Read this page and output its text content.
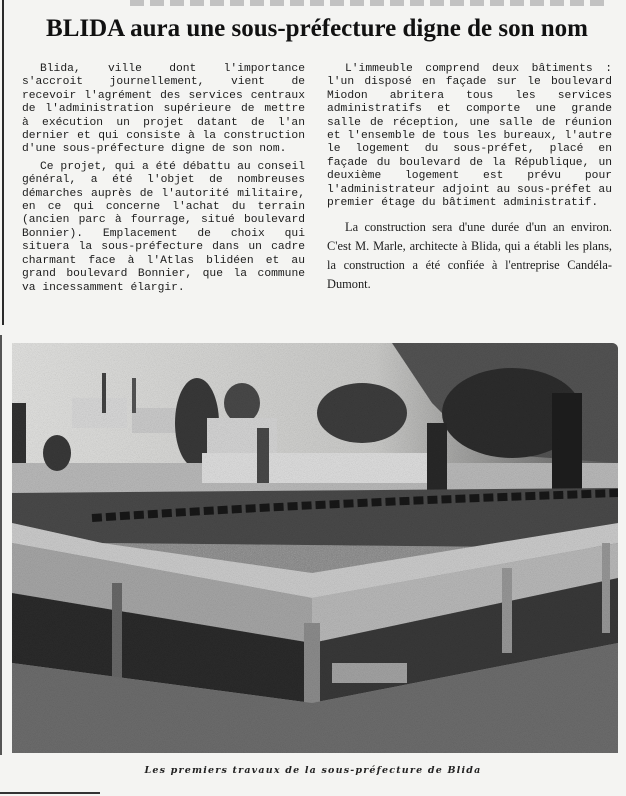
BLIDA aura une sous-préfecture digne de son nom

Blida, ville dont l'importance s'accroit journellement, vient de recevoir l'agrément des services centraux de l'administration supérieure de mettre à exécution un projet datant de l'an dernier et qui consiste à la construction d'une sous-préfecture digne de son nom.

Ce projet, qui a été débattu au conseil général, a été l'objet de nombreuses démarches auprès de l'autorité militaire, en ce qui concerne l'achat du terrain (ancien parc à fourrage, situé boulevard Bonnier). Emplacement de choix qui situera la sous-préfecture dans un cadre charmant face à l'Atlas blidéen et au grand boulevard Bonnier, que la commune va incessamment élargir.

L'immeuble comprend deux bâtiments : l'un disposé en façade sur le boulevard Miodon abritera tous les services administratifs et comporte une grande salle de réception, une salle de réunion et l'ensemble de tous les bureaux, l'autre le logement du sous-préfet, placé en façade du boulevard de la République, un deuxième logement est prévu pour l'administrateur adjoint au sous-préfet au premier étage du bâtiment administratif.

La construction sera d'une durée d'un an environ. C'est M. Marle, architecte à Blida, qui a établi les plans, la construction a été confiée à l'entreprise Candéla-Dumont.

Les premiers travaux de la sous-préfecture de Blida
